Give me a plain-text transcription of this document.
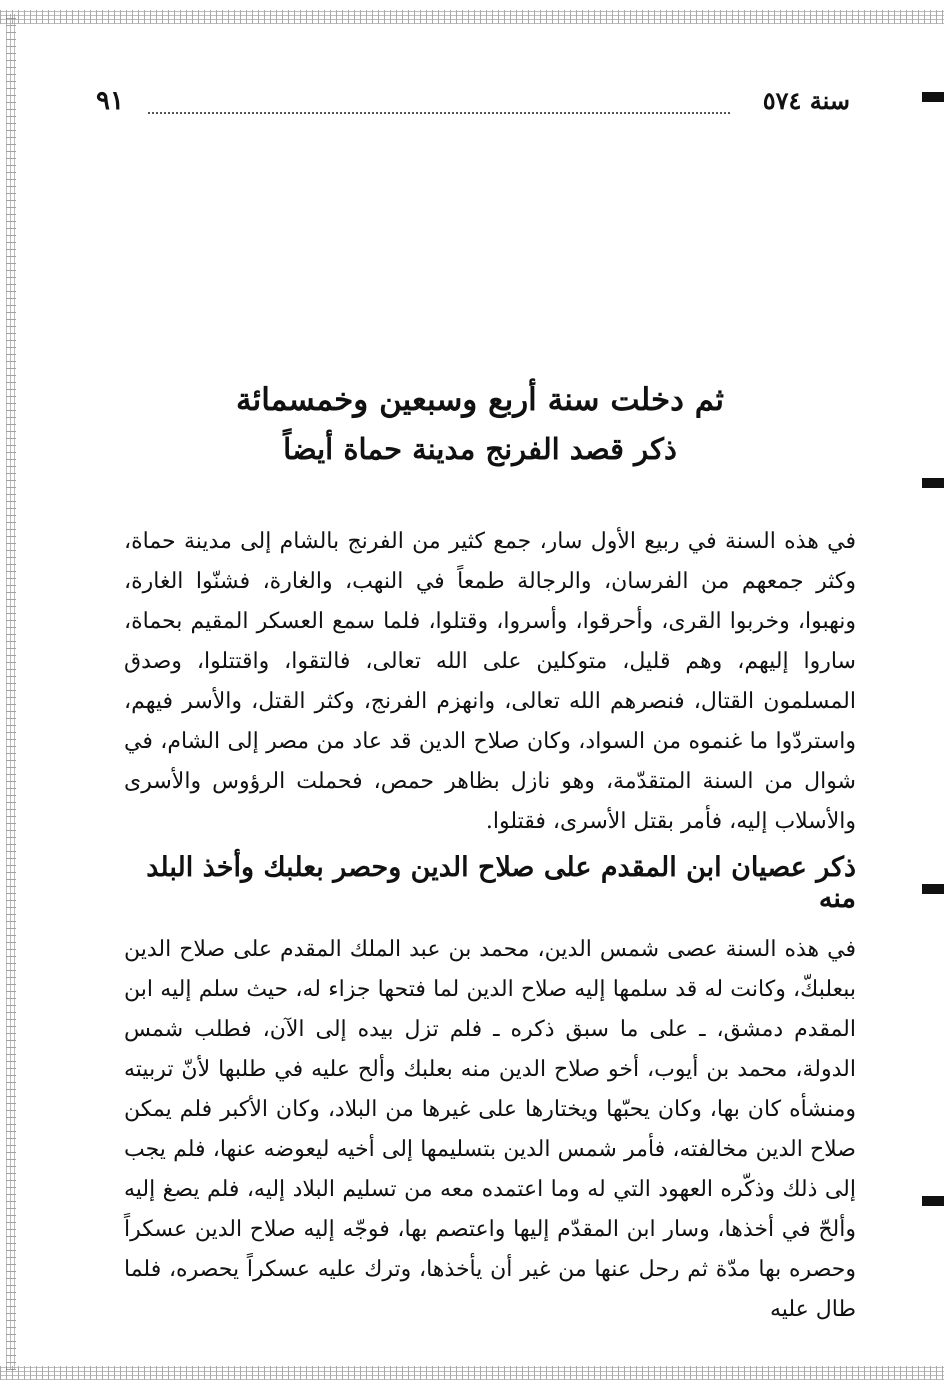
٩١	سنة ٥٧٤
ثم دخلت سنة أربع وسبعين وخمسمائة
ذكر قصد الفرنج مدينة حماة أيضاً

في هذه السنة في ربيع الأول سار، جمع كثير من الفرنج بالشام إلى مدينة حماة، وكثر جمعهم من الفرسان، والرجالة طمعاً في النهب، والغارة، فشنّوا الغارة، ونهبوا، وخربوا القرى، وأحرقوا، وأسروا، وقتلوا، فلما سمع العسكر المقيم بحماة، ساروا إليهم، وهم قليل، متوكلين على الله تعالى، فالتقوا، واقتتلوا، وصدق المسلمون القتال، فنصرهم الله تعالى، وانهزم الفرنج، وكثر القتل، والأسر فيهم، واستردّوا ما غنموه من السواد، وكان صلاح الدين قد عاد من مصر إلى الشام، في شوال من السنة المتقدّمة، وهو نازل بظاهر حمص، فحملت الرؤوس والأسرى والأسلاب إليه، فأمر بقتل الأسرى، فقتلوا.

ذكر عصيان ابن المقدم على صلاح الدين وحصر بعلبك وأخذ البلد منه

في هذه السنة عصى شمس الدين، محمد بن عبد الملك المقدم على صلاح الدين ببعلبكّ، وكانت له قد سلمها إليه صلاح الدين لما فتحها جزاء له، حيث سلم إليه ابن المقدم دمشق، ـ على ما سبق ذكره ـ فلم تزل بيده إلى الآن، فطلب شمس الدولة، محمد بن أيوب، أخو صلاح الدين منه بعلبك وألح عليه في طلبها لأنّ تربيته ومنشأه كان بها، وكان يحبّها ويختارها على غيرها من البلاد، وكان الأكبر فلم يمكن صلاح الدين مخالفته، فأمر شمس الدين بتسليمها إلى أخيه ليعوضه عنها، فلم يجب إلى ذلك وذكّره العهود التي له وما اعتمده معه من تسليم البلاد إليه، فلم يصغ إليه وألحّ في أخذها، وسار ابن المقدّم إليها واعتصم بها، فوجّه إليه صلاح الدين عسكراً وحصره بها مدّة ثم رحل عنها من غير أن يأخذها، وترك عليه عسكراً يحصره، فلما طال عليه
